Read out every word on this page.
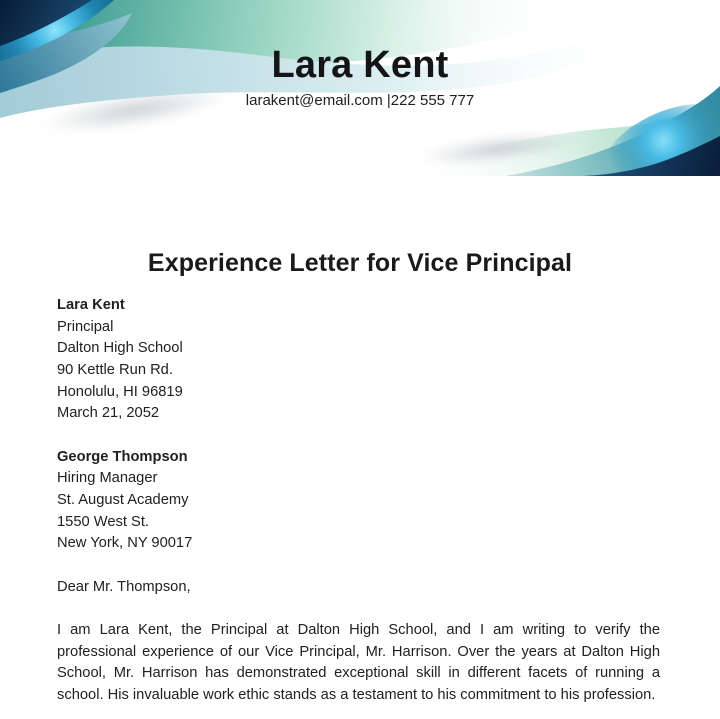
Lara Kent
larakent@email.com |222 555 777
Experience Letter for Vice Principal
Lara Kent
Principal
Dalton High School
90 Kettle Run Rd.
Honolulu, HI 96819
March 21, 2052
George Thompson
Hiring Manager
St. August Academy
1550 West St.
New York, NY 90017
Dear Mr. Thompson,

I am Lara Kent, the Principal at Dalton High School, and I am writing to verify the professional experience of our Vice Principal, Mr. Harrison. Over the years at Dalton High School, Mr. Harrison has demonstrated exceptional skill in different facets of running a school. His invaluable work ethic stands as a testament to his commitment to his profession.
